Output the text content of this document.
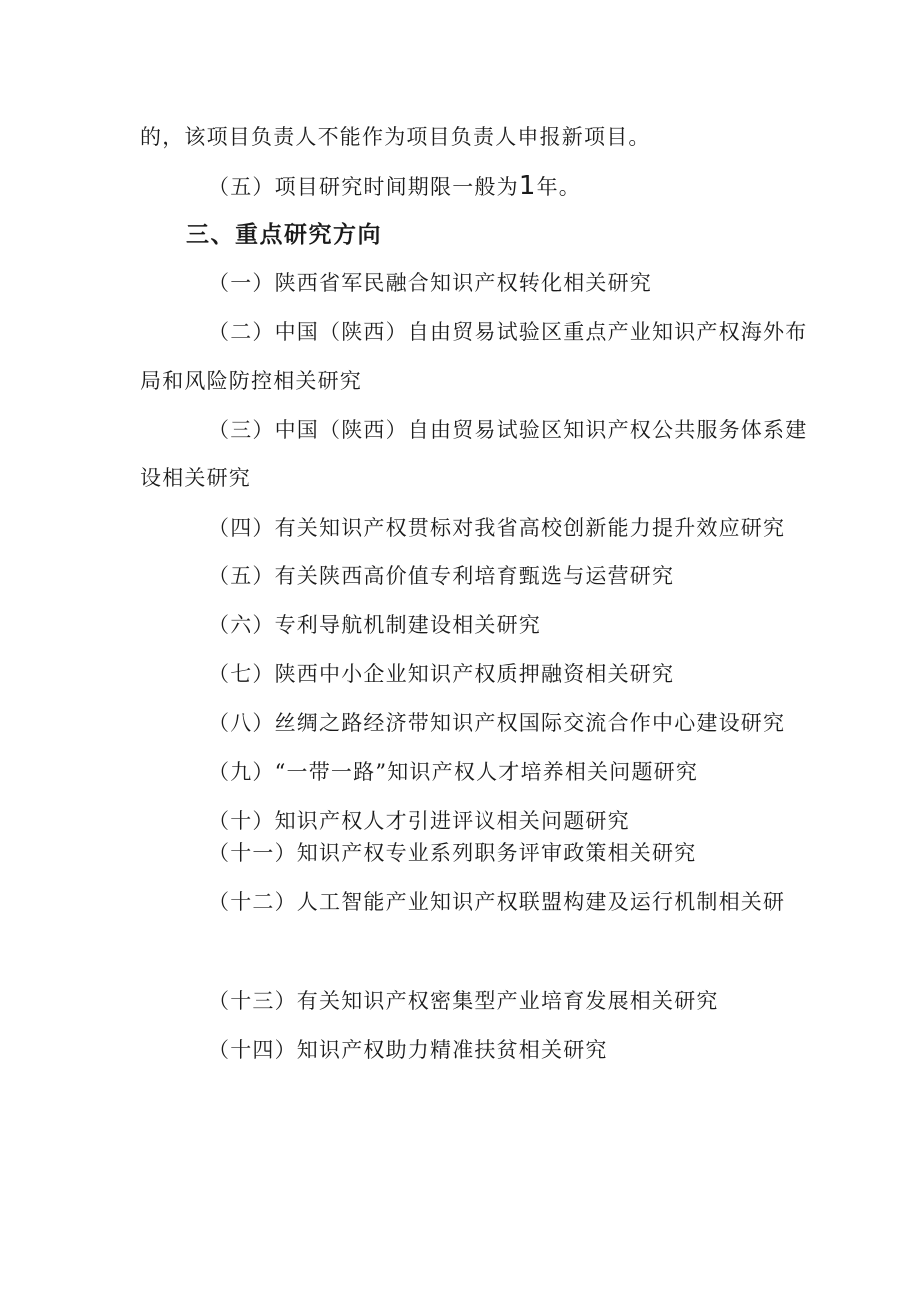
的，该项目负责人不能作为项目负责人申报新项目。

（五）项目研究时间期限一般为1年。

三、重点研究方向

（一）陕西省军民融合知识产权转化相关研究

（二）中国（陕西）自由贸易试验区重点产业知识产权海外布

局和风险防控相关研究

（三）中国（陕西）自由贸易试验区知识产权公共服务体系建

设相关研究

（四）有关知识产权贯标对我省高校创新能力提升效应研究

（五）有关陕西高价值专利培育甄选与运营研究

（六）专利导航机制建设相关研究

（七）陕西中小企业知识产权质押融资相关研究

（八）丝绸之路经济带知识产权国际交流合作中心建设研究

（九）“一带一路”知识产权人才培养相关问题研究

（十）知识产权人才引进评议相关问题研究

（十一）知识产权专业系列职务评审政策相关研究

（十二）人工智能产业知识产权联盟构建及运行机制相关研

（十三）有关知识产权密集型产业培育发展相关研究

（十四）知识产权助力精准扶贫相关研究
